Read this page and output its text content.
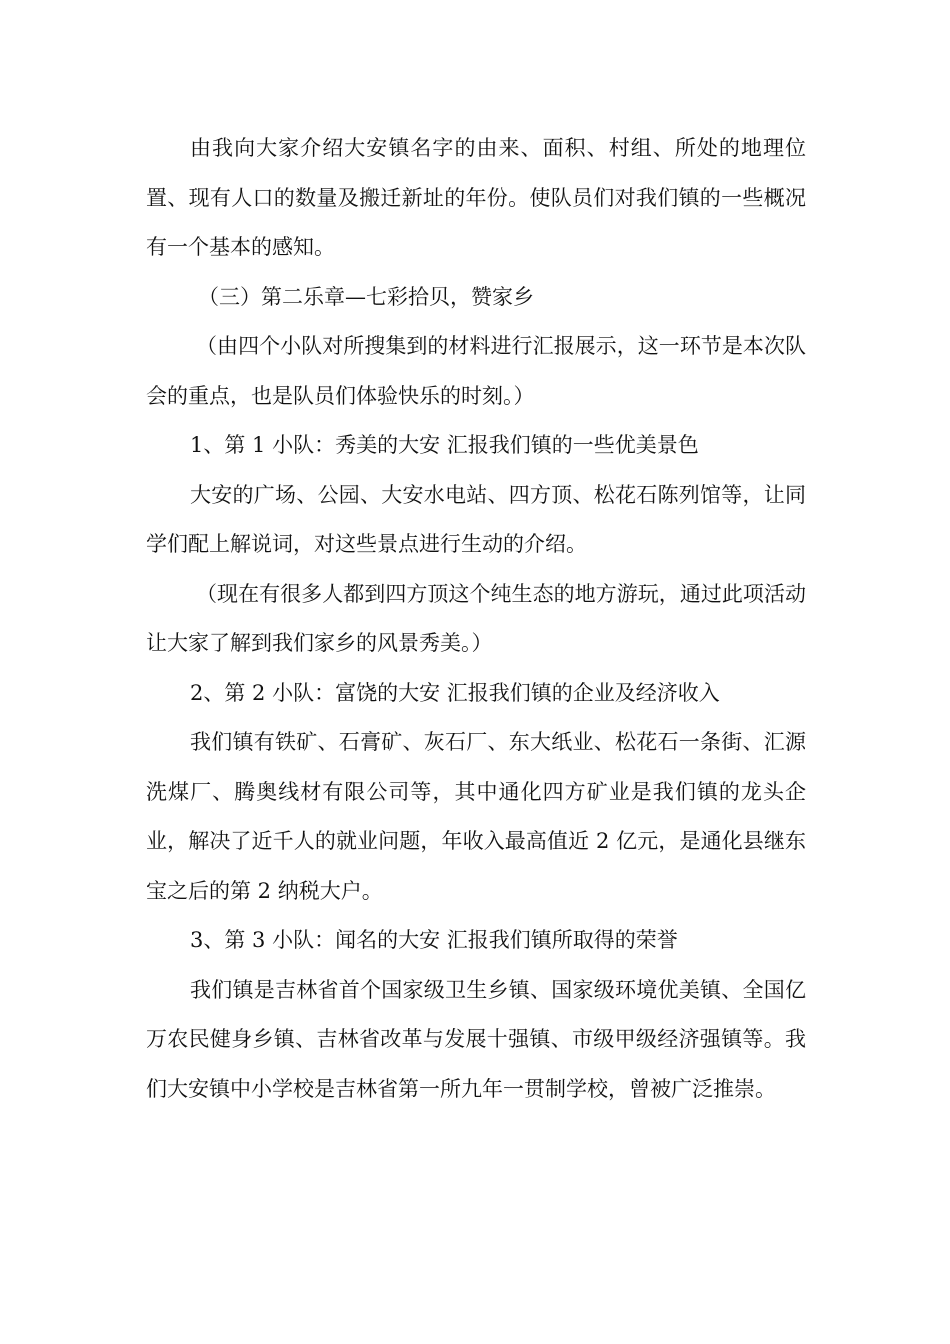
由我向大家介绍大安镇名字的由来、面积、村组、所处的地理位置、现有人口的数量及搬迁新址的年份。使队员们对我们镇的一些概况有一个基本的感知。

（三）第二乐章—七彩拾贝，赞家乡

（由四个小队对所搜集到的材料进行汇报展示，这一环节是本次队会的重点，也是队员们体验快乐的时刻。）

1、第 1 小队：秀美的大安 汇报我们镇的一些优美景色

大安的广场、公园、大安水电站、四方顶、松花石陈列馆等，让同学们配上解说词，对这些景点进行生动的介绍。

（现在有很多人都到四方顶这个纯生态的地方游玩，通过此项活动让大家了解到我们家乡的风景秀美。）

2、第 2 小队：富饶的大安 汇报我们镇的企业及经济收入

我们镇有铁矿、石膏矿、灰石厂、东大纸业、松花石一条街、汇源洗煤厂、腾奥线材有限公司等，其中通化四方矿业是我们镇的龙头企业，解决了近千人的就业问题，年收入最高值近 2 亿元，是通化县继东宝之后的第 2 纳税大户。

3、第 3 小队：闻名的大安 汇报我们镇所取得的荣誉

我们镇是吉林省首个国家级卫生乡镇、国家级环境优美镇、全国亿万农民健身乡镇、吉林省改革与发展十强镇、市级甲级经济强镇等。我们大安镇中小学校是吉林省第一所九年一贯制学校，曾被广泛推崇。
